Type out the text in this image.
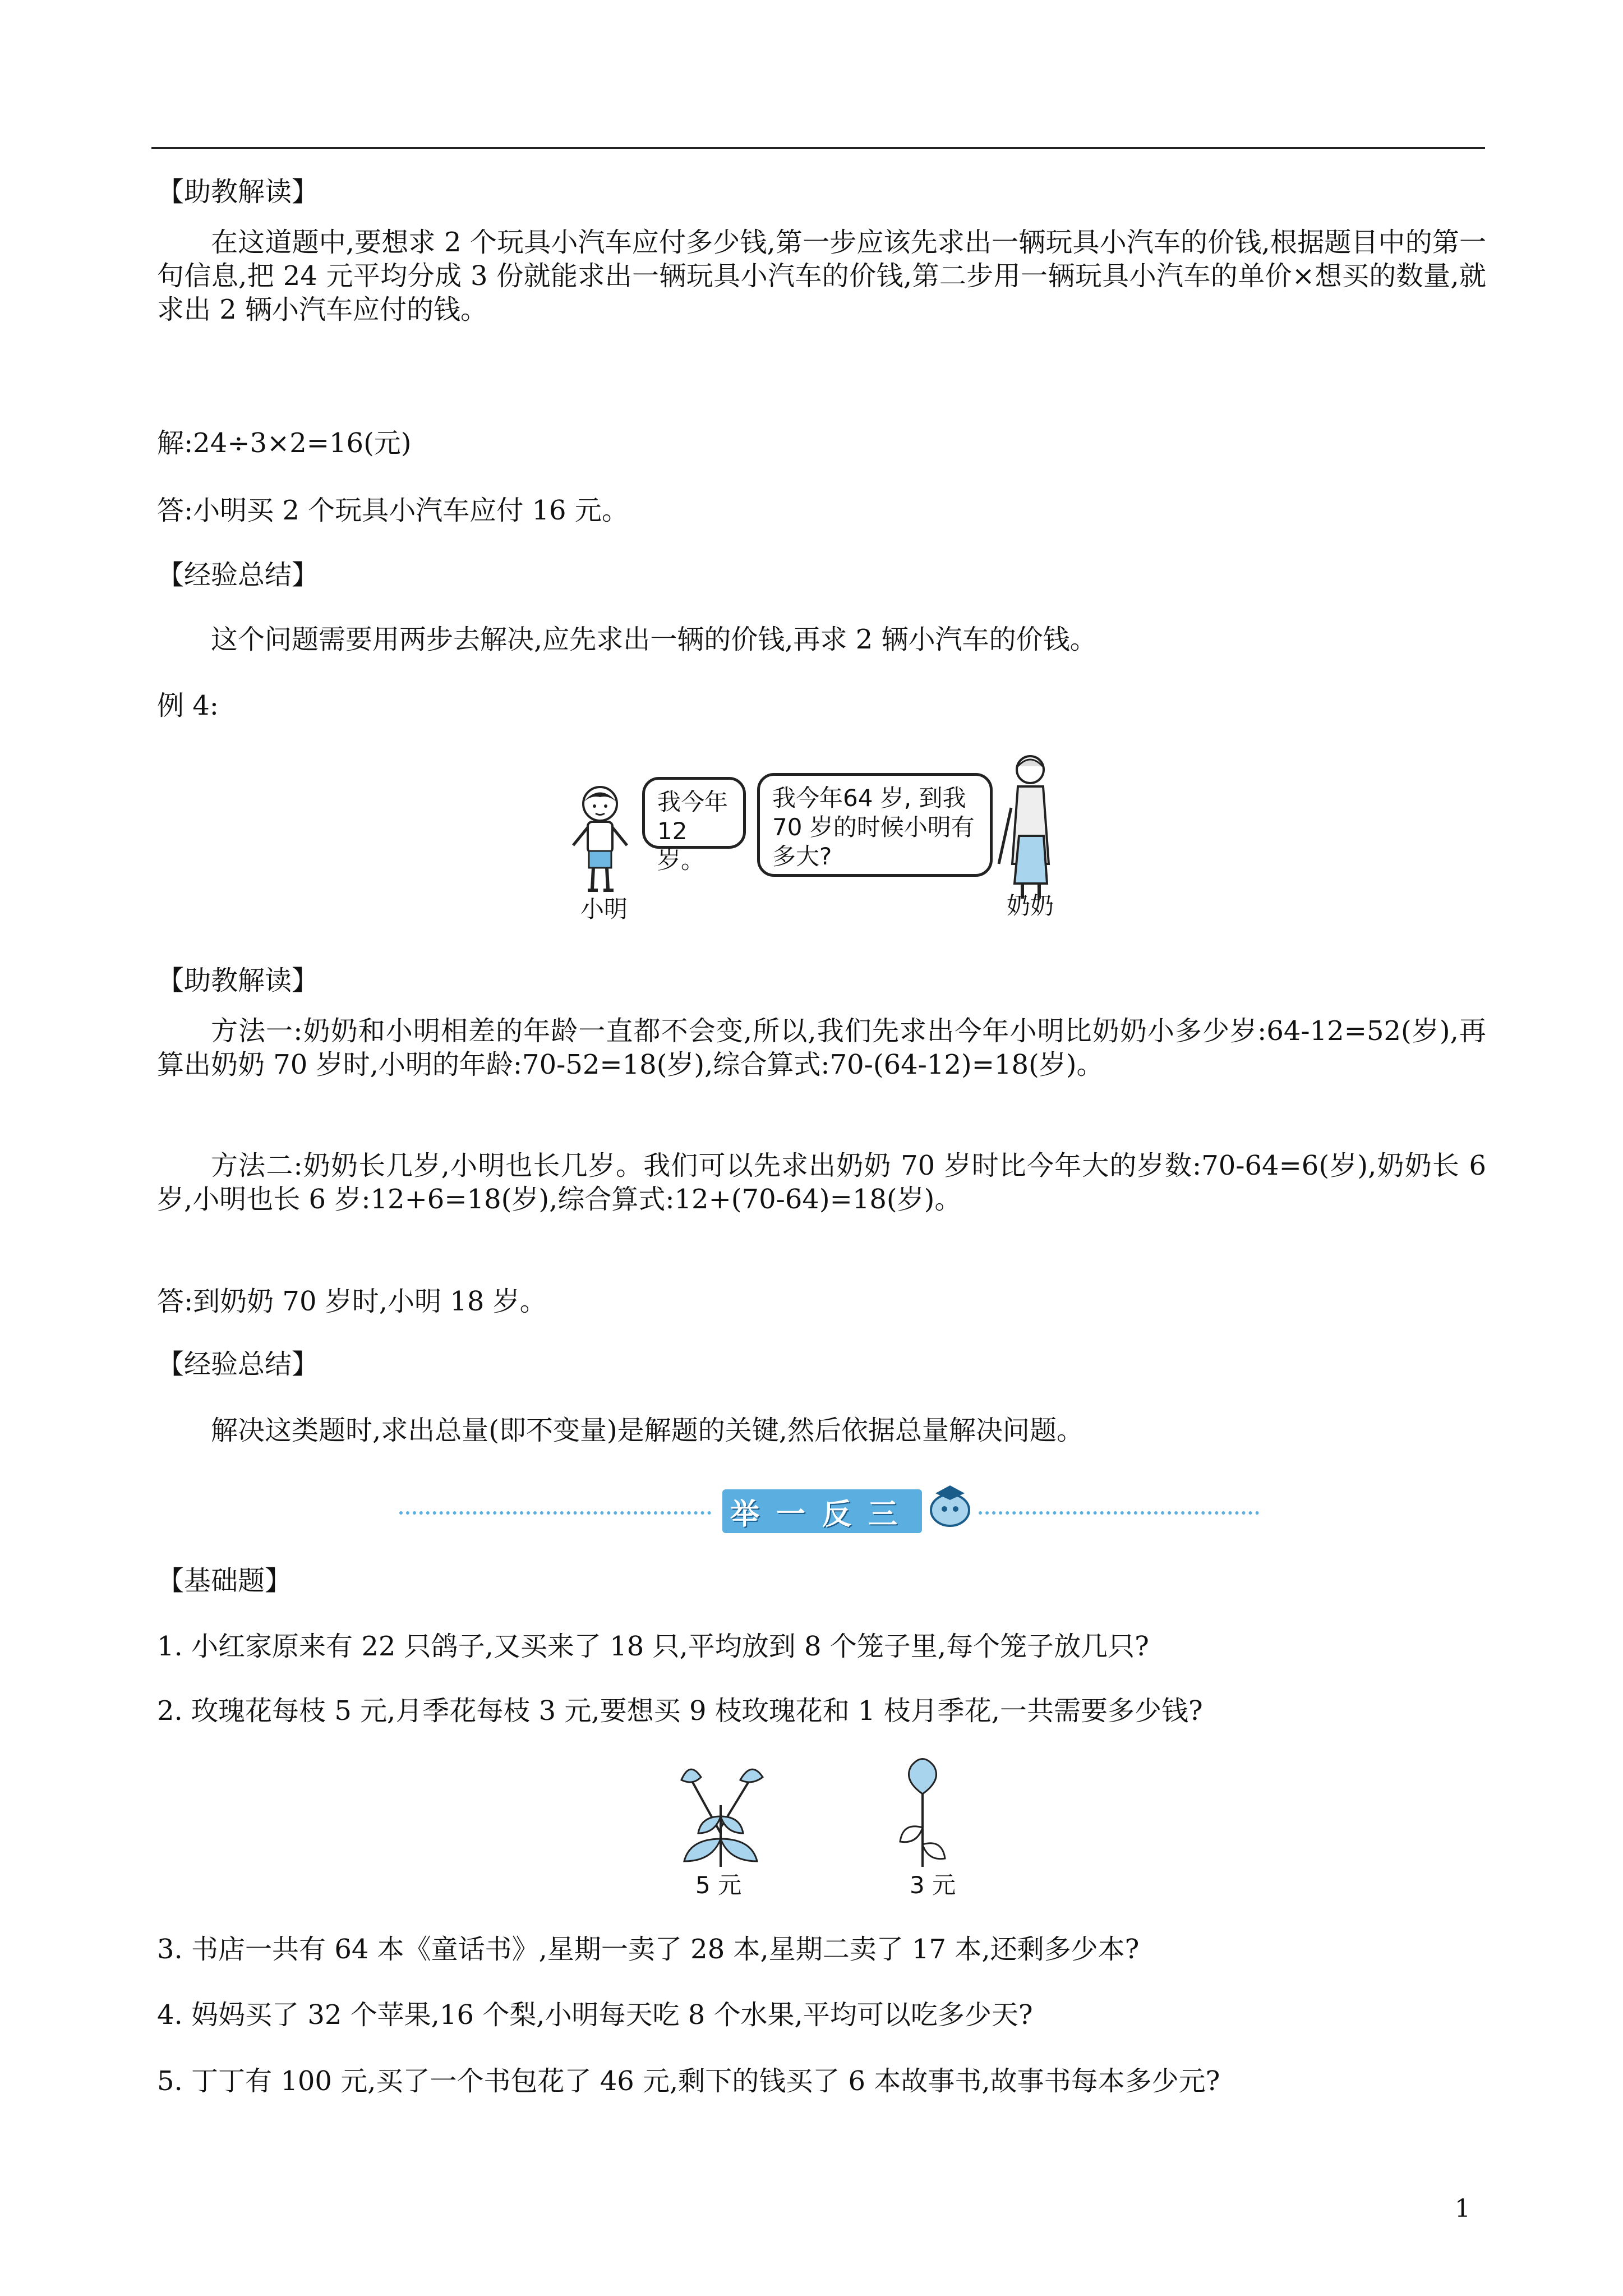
【助教解读】

在这道题中,要想求 2 个玩具小汽车应付多少钱,第一步应该先求出一辆玩具小汽车的价钱,根据题目中的第一句信息,把 24 元平均分成 3 份就能求出一辆玩具小汽车的价钱,第二步用一辆玩具小汽车的单价×想买的数量,就求出 2 辆小汽车应付的钱。

解:24÷3×2=16(元)
答:小明买 2 个玩具小汽车应付 16 元。
【经验总结】
这个问题需要用两步去解决,应先求出一辆的价钱,再求 2 辆小汽车的价钱。
例 4:
我今年
12 岁。
我今年64 岁, 到我
70 岁的时候小明有
多大?
小明	奶奶
【助教解读】

方法一:奶奶和小明相差的年龄一直都不会变,所以,我们先求出今年小明比奶奶小多少岁:64-12=52(岁),再算出奶奶 70 岁时,小明的年龄:70-52=18(岁),综合算式:70-(64-12)=18(岁)。

方法二:奶奶长几岁,小明也长几岁。我们可以先求出奶奶 70 岁时比今年大的岁数:70-64=6(岁),奶奶长 6 岁,小明也长 6 岁:12+6=18(岁),综合算式:12+(70-64)=18(岁)。

答:到奶奶 70 岁时,小明 18 岁。
【经验总结】
解决这类题时,求出总量(即不变量)是解题的关键,然后依据总量解决问题。
举一反三
【基础题】
1. 小红家原来有 22 只鸽子,又买来了 18 只,平均放到 8 个笼子里,每个笼子放几只?
2. 玫瑰花每枝 5 元,月季花每枝 3 元,要想买 9 枝玫瑰花和 1 枝月季花,一共需要多少钱?
5 元	3 元
3. 书店一共有 64 本《童话书》,星期一卖了 28 本,星期二卖了 17 本,还剩多少本?
4. 妈妈买了 32 个苹果,16 个梨,小明每天吃 8 个水果,平均可以吃多少天?
5. 丁丁有 100 元,买了一个书包花了 46 元,剩下的钱买了 6 本故事书,故事书每本多少元?
1
